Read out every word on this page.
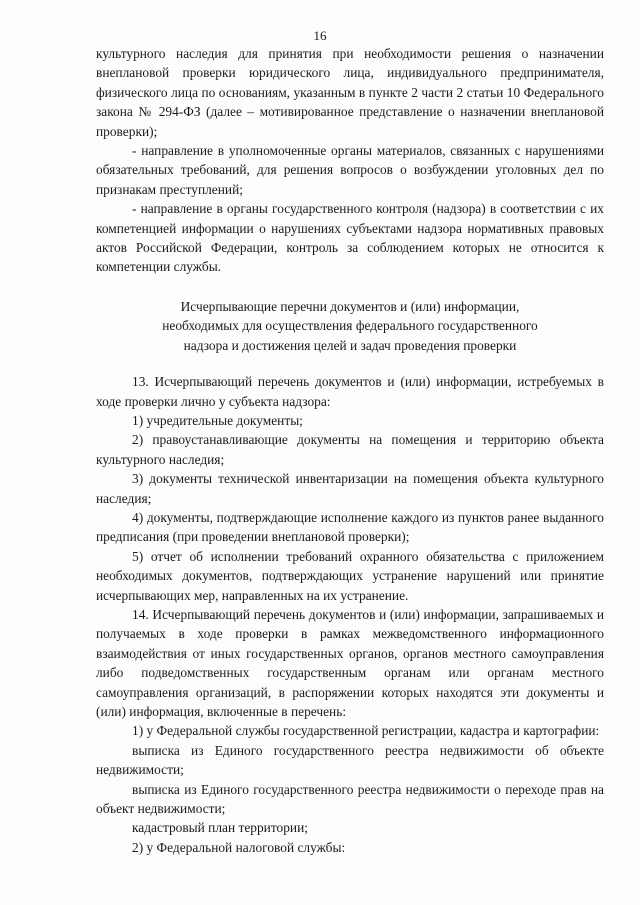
16

культурного наследия для принятия при необходимости решения о назначении внеплановой проверки юридического лица, индивидуального предпринимателя, физического лица по основаниям, указанным в пункте 2 части 2 статьи 10 Федерального закона № 294-ФЗ (далее – мотивированное представление о назначении внеплановой проверки);

- направление в уполномоченные органы материалов, связанных с нарушениями обязательных требований, для решения вопросов о возбуждении уголовных дел по признакам преступлений;

- направление в органы государственного контроля (надзора) в соответствии с их компетенцией информации о нарушениях субъектами надзора нормативных правовых актов Российской Федерации, контроль за соблюдением которых не относится к компетенции службы.

Исчерпывающие перечни документов и (или) информации,
необходимых для осуществления федерального государственного
надзора и достижения целей и задач проведения проверки

13. Исчерпывающий перечень документов и (или) информации, истребуемых в ходе проверки лично у субъекта надзора:

1) учредительные документы;

2) правоустанавливающие документы на помещения и территорию объекта культурного наследия;

3) документы технической инвентаризации на помещения объекта культурного наследия;

4) документы, подтверждающие исполнение каждого из пунктов ранее выданного предписания (при проведении внеплановой проверки);

5) отчет об исполнении требований охранного обязательства с приложением необходимых документов, подтверждающих устранение нарушений или принятие исчерпывающих мер, направленных на их устранение.

14. Исчерпывающий перечень документов и (или) информации, запрашиваемых и получаемых в ходе проверки в рамках межведомственного информационного взаимодействия от иных государственных органов, органов местного самоуправления либо подведомственных государственным органам или органам местного самоуправления организаций, в распоряжении которых находятся эти документы и (или) информация, включенные в перечень:

1) у Федеральной службы государственной регистрации, кадастра и картографии:

выписка из Единого государственного реестра недвижимости об объекте недвижимости;

выписка из Единого государственного реестра недвижимости о переходе прав на объект недвижимости;

кадастровый план территории;

2) у Федеральной налоговой службы:
